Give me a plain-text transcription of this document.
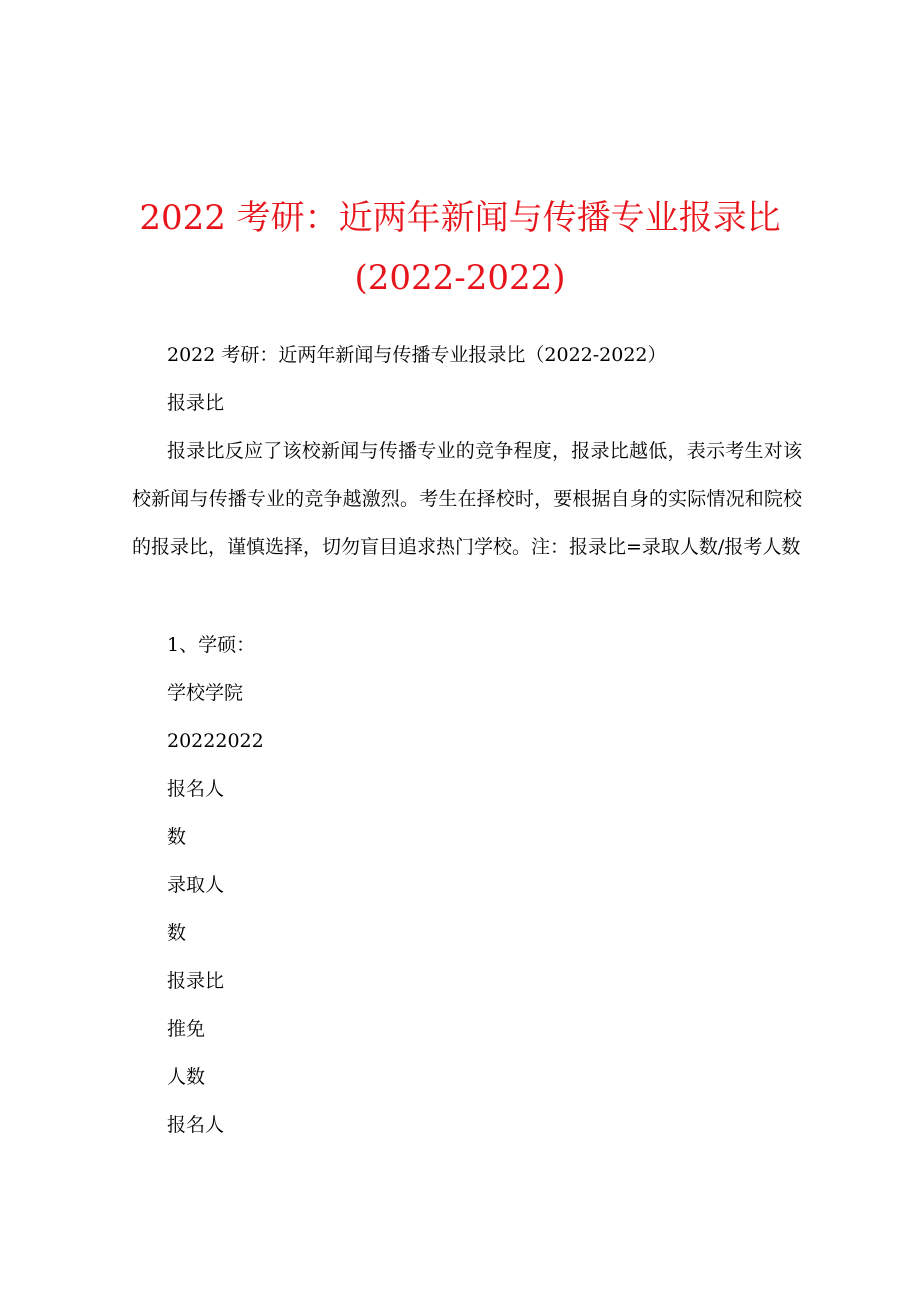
2022 考研：近两年新闻与传播专业报录比
(2022-2022)
2022 考研：近两年新闻与传播专业报录比（2022-2022）
报录比
报录比反应了该校新闻与传播专业的竞争程度，报录比越低，表示考生对该校新闻与传播专业的竞争越激烈。考生在择校时，要根据自身的实际情况和院校的报录比，谨慎选择，切勿盲目追求热门学校。注：报录比=录取人数/报考人数
1、学硕：
学校学院
20222022
报名人
数
录取人
数
报录比
推免
人数
报名人
